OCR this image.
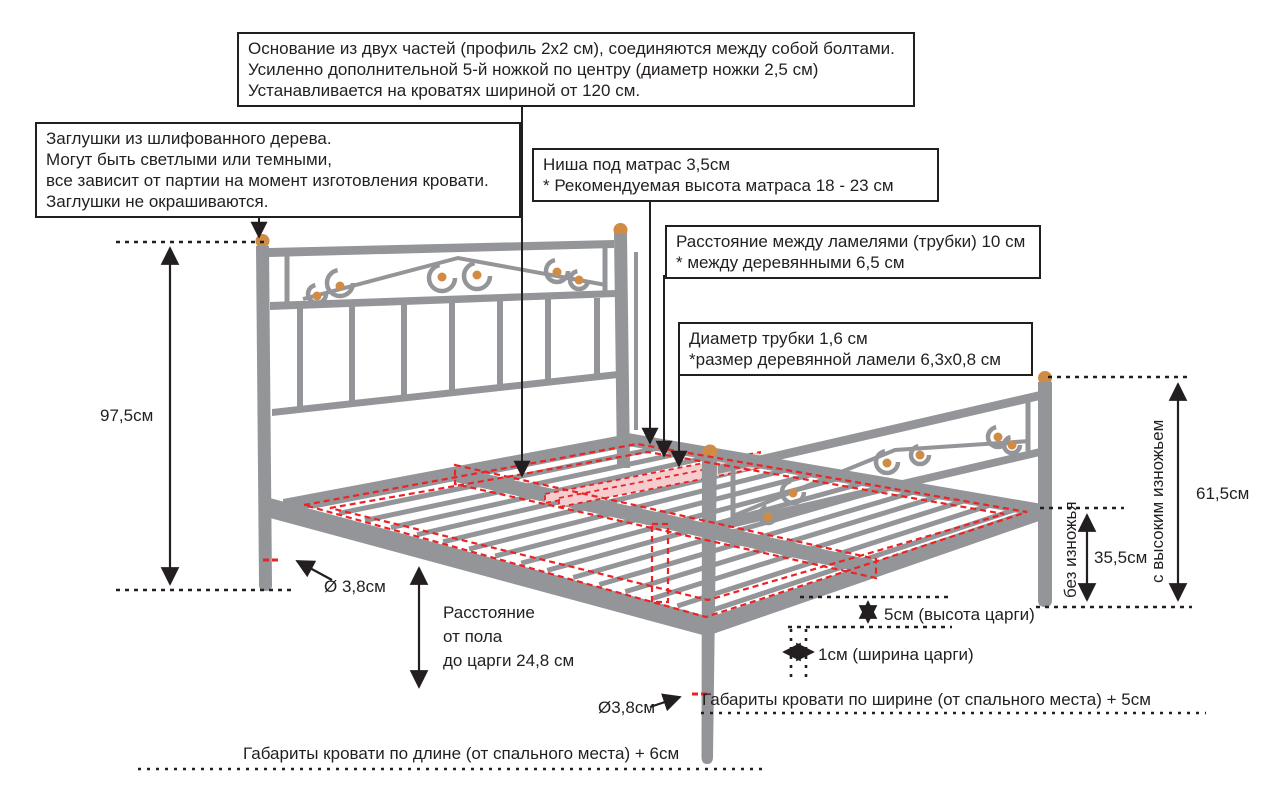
97,5см
Ø 3,8см
Расстояние
от пола
до царги 24,8 см
Габариты кровати по длине (от спального места) + 6см
Ø3,8см	Габариты кровати по ширине (от спального места) + 5см
61,5см
с высоким изножьем
35,5см
без изножья
5см (высота царги)
1см (ширина царги)
Основание из двух частей (профиль 2х2 см), соединяются между собой болтами.
Усиленно дополнительной 5-й ножкой по центру (диаметр ножки 2,5 см)
Устанавливается на кроватях шириной от 120 см.
Заглушки из шлифованного дерева.
Могут быть светлыми или темными,
все зависит от партии на момент изготовления кровати.
Заглушки не окрашиваются.
Ниша под матрас 3,5см
* Рекомендуемая высота матраса 18 - 23 см
Расстояние между ламелями (трубки) 10 см
* между деревянными 6,5 см
Диаметр трубки 1,6 см
*размер деревянной ламели 6,3х0,8 см
